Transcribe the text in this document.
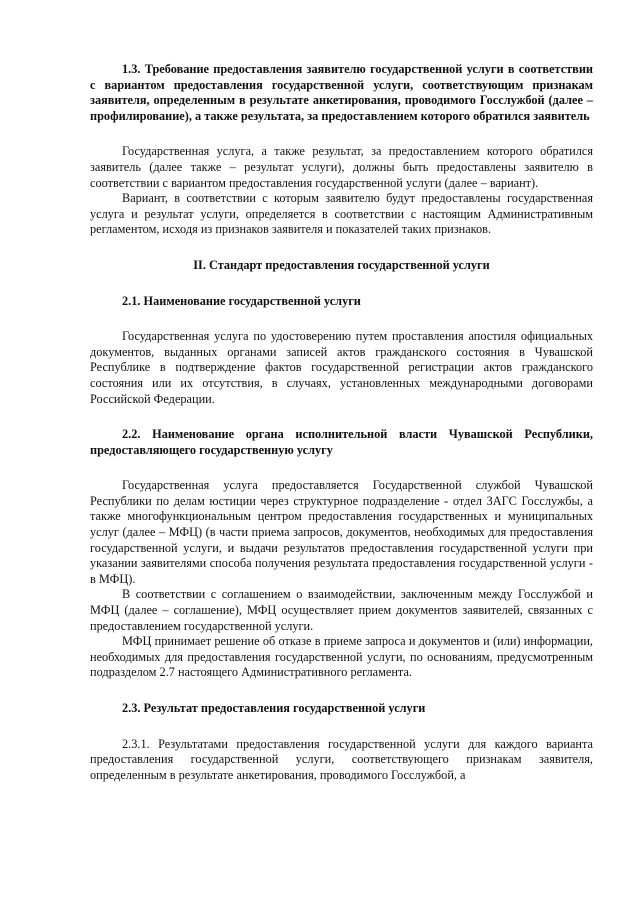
1.3. Требование предоставления заявителю государственной услуги в соответствии с вариантом предоставления государственной услуги, соответствующим признакам заявителя, определенным в результате анкетирования, проводимого Госслужбой (далее – профилирование), а также результата, за предоставлением которого обратился заявитель

Государственная услуга, а также результат, за предоставлением которого обратился заявитель (далее также – результат услуги), должны быть предоставлены заявителю в соответствии с вариантом предоставления государственной услуги (далее – вариант).

Вариант, в соответствии с которым заявителю будут предоставлены государственная услуга и результат услуги, определяется в соответствии с настоящим Административным регламентом, исходя из признаков заявителя и показателей таких признаков.

II. Стандарт предоставления государственной услуги

2.1. Наименование государственной услуги

Государственная услуга по удостоверению путем проставления апостиля официальных документов, выданных органами записей актов гражданского состояния в Чувашской Республике в подтверждение фактов государственной регистрации актов гражданского состояния или их отсутствия, в случаях, установленных международными договорами Российской Федерации.

2.2. Наименование органа исполнительной власти Чувашской Республики, предоставляющего государственную услугу

Государственная услуга предоставляется Государственной службой Чувашской Республики по делам юстиции через структурное подразделение - отдел ЗАГС Госслужбы, а также многофункциональным центром предоставления государственных и муниципальных услуг (далее – МФЦ) (в части приема запросов, документов, необходимых для предоставления государственной услуги, и выдачи результатов предоставления государственной услуги при указании заявителями способа получения результата предоставления государственной услуги - в МФЦ).

В соответствии с соглашением о взаимодействии, заключенным между Госслужбой и МФЦ (далее – соглашение), МФЦ осуществляет прием документов заявителей, связанных с предоставлением государственной услуги.

МФЦ принимает решение об отказе в приеме запроса и документов и (или) информации, необходимых для предоставления государственной услуги, по основаниям, предусмотренным подразделом 2.7 настоящего Административного регламента.

2.3. Результат предоставления государственной услуги

2.3.1. Результатами предоставления государственной услуги для каждого варианта предоставления государственной услуги, соответствующего признакам заявителя, определенным в результате анкетирования, проводимого Госслужбой, а
